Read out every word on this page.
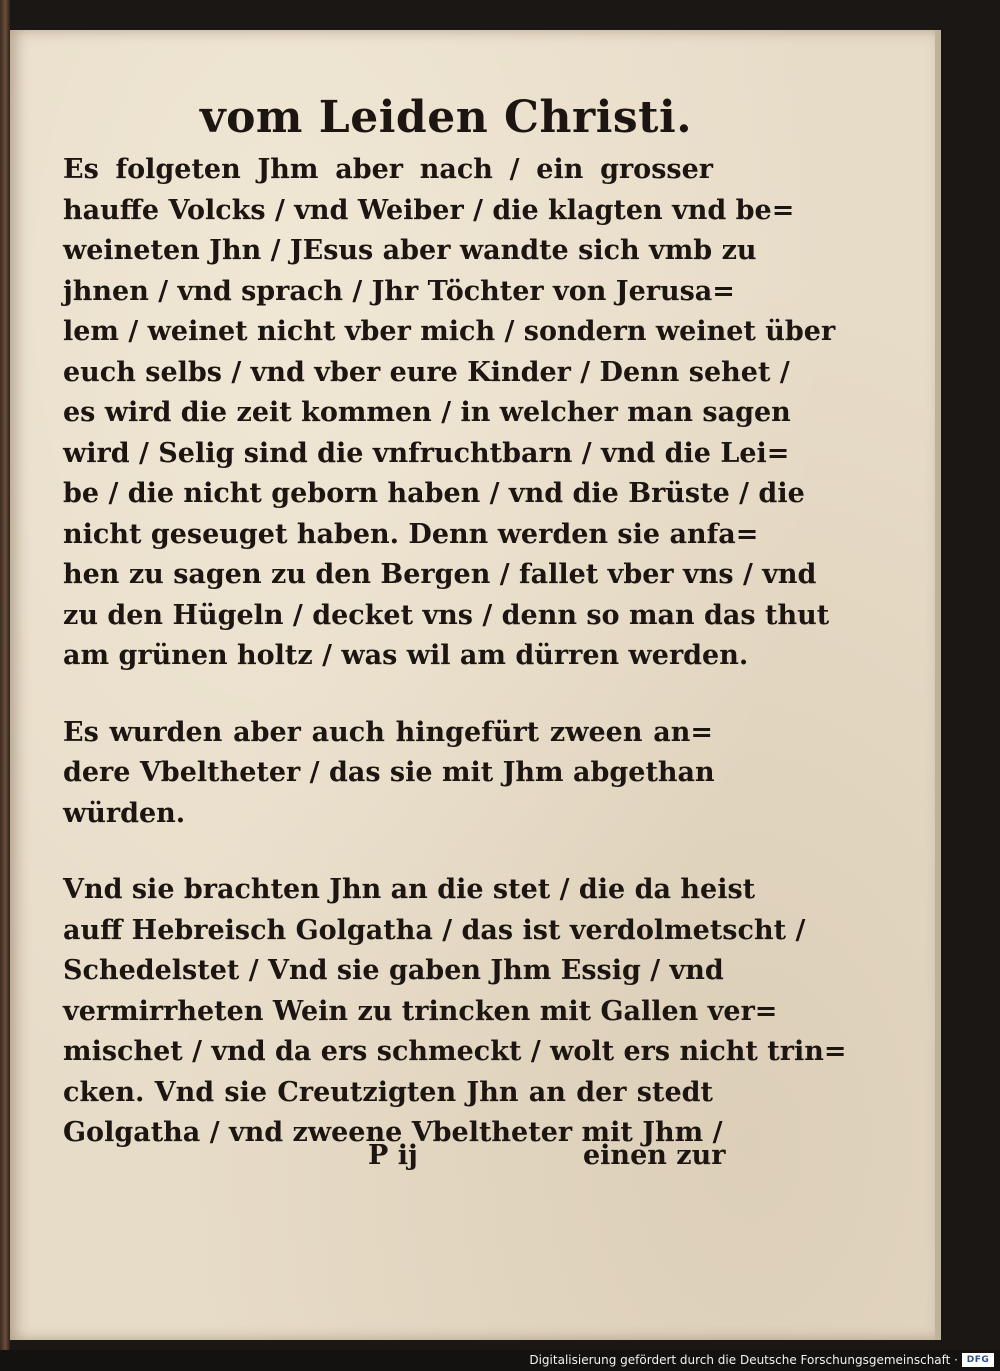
vom Leiden Christi.

Es folgeten Jhm aber nach / ein grosser
hauffe Volcks / vnd Weiber / die klagten vnd be=
weineten Jhn / JEsus aber wandte sich vmb zu
jhnen / vnd sprach / Jhr Töchter von Jerusa=
lem / weinet nicht vber mich / sondern weinet über
euch selbs / vnd vber eure Kinder / Denn sehet /
es wird die zeit kommen / in welcher man sagen
wird / Selig sind die vnfruchtbarn / vnd die Lei=
be / die nicht geborn haben / vnd die Brüste / die
nicht geseuget haben. Denn werden sie anfa=
hen zu sagen zu den Bergen / fallet vber vns / vnd
zu den Hügeln / decket vns / denn so man das thut
am grünen holtz / was wil am dürren werden.

Es wurden aber auch hingefürt zween an=
dere Vbeltheter / das sie mit Jhm abgethan
würden.

Vnd sie brachten Jhn an die stet / die da heist
auff Hebreisch Golgatha / das ist verdolmetscht /
Schedelstet / Vnd sie gaben Jhm Essig / vnd
vermirrheten Wein zu trincken mit Gallen ver=
mischet / vnd da ers schmeckt / wolt ers nicht trin=
cken. Vnd sie Creutzigten Jhn an der stedt
Golgatha / vnd zweene Vbeltheter mit Jhm /

P ij	einen zur
Digitalisierung gefördert durch die Deutsche Forschungsgemeinschaft · DFG
